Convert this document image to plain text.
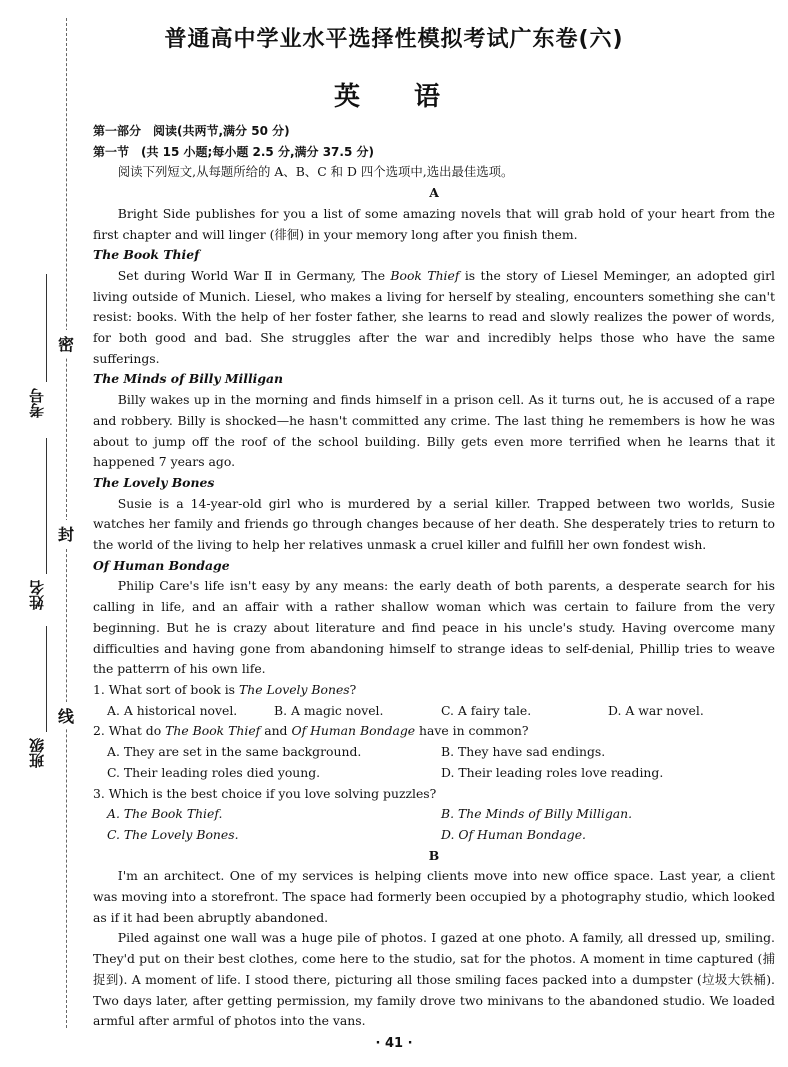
考号
姓名
班级
密
封
线
普通高中学业水平选择性模拟考试广东卷(六)
英　语

第一部分　阅读(共两节,满分 50 分)

第一节　(共 15 小题;每小题 2.5 分,满分 37.5 分)

阅读下列短文,从每题所给的 A、B、C 和 D 四个选项中,选出最佳选项。

A

Bright Side publishes for you a list of some amazing novels that will grab hold of your heart from the first chapter and will linger (徘徊) in your memory long after you finish them.

The Book Thief

Set during World War Ⅱ in Germany, The Book Thief is the story of Liesel Meminger, an adopted girl living outside of Munich. Liesel, who makes a living for herself by stealing, encounters something she can't resist: books. With the help of her foster father, she learns to read and slowly realizes the power of words, for both good and bad. She struggles after the war and incredibly helps those who have the same sufferings.

The Minds of Billy Milligan

Billy wakes up in the morning and finds himself in a prison cell. As it turns out, he is accused of a rape and robbery. Billy is shocked—he hasn't committed any crime. The last thing he remembers is how he was about to jump off the roof of the school building. Billy gets even more terrified when he learns that it happened 7 years ago.

The Lovely Bones

Susie is a 14-year-old girl who is murdered by a serial killer. Trapped between two worlds, Susie watches her family and friends go through changes because of her death. She desperately tries to return to the world of the living to help her relatives unmask a cruel killer and fulfill her own fondest wish.

Of Human Bondage

Philip Care's life isn't easy by any means: the early death of both parents, a desperate search for his calling in life, and an affair with a rather shallow woman which was certain to failure from the very beginning. But he is crazy about literature and find peace in his uncle's study. Having overcome many difficulties and having gone from abandoning himself to strange ideas to self-denial, Phillip tries to weave the patterrn of his own life.

1. What sort of book is The Lovely Bones?

A. A historical novel.	B. A magic novel.	C. A fairy tale.	D. A war novel.

2. What do The Book Thief and Of Human Bondage have in common?

A. They are set in the same background.	B. They have sad endings.
C. Their leading roles died young.	D. Their leading roles love reading.

3. Which is the best choice if you love solving puzzles?

A. The Book Thief.	B. The Minds of Billy Milligan.
C. The Lovely Bones.	D. Of Human Bondage.

B

I'm an architect. One of my services is helping clients move into new office space. Last year, a client was moving into a storefront. The space had formerly been occupied by a photography studio, which looked as if it had been abruptly abandoned.

Piled against one wall was a huge pile of photos. I gazed at one photo. A family, all dressed up, smiling. They'd put on their best clothes, come here to the studio, sat for the photos. A moment in time captured (捕捉到). A moment of life. I stood there, picturing all those smiling faces packed into a dumpster (垃圾大铁桶). Two days later, after getting permission, my family drove two minivans to the abandoned studio. We loaded armful after armful of photos into the vans.

· 41 ·
